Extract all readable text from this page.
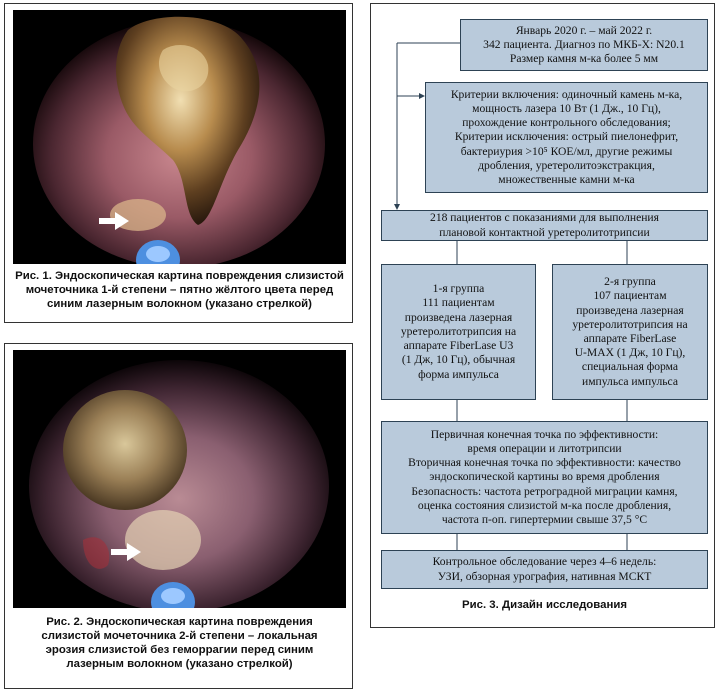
Рис. 1. Эндоскопическая картина повреждения слизистой
мочеточника 1-й степени – пятно жёлтого цвета перед
синим лазерным волокном (указано стрелкой)
Рис. 2. Эндоскопическая картина повреждения
слизистой мочеточника 2-й степени – локальная
эрозия слизистой без геморрагии перед синим
лазерным волокном (указано стрелкой)
Январь 2020 г. – май 2022 г.
342 пациента. Диагноз по МКБ-Х: N20.1
Размер камня м-ка более 5 мм
Критерии включения: одиночный камень м-ка,
мощность лазера 10 Вт (1 Дж., 10 Гц),
прохождение контрольного обследования;
Критерии исключения: острый пиелонефрит,
бактериурия >10⁵ КОЕ/мл, другие режимы
дробления, уретеролитоэкстракция,
множественные камни м-ка
218 пациентов с показаниями для выполнения
плановой контактной уретеролитотрипсии
1-я группа
111 пациентам
произведена лазерная
уретеролитотрипсия на
аппарате FiberLase U3
(1 Дж, 10 Гц), обычная
форма импульса
2-я группа
107 пациентам
произведена лазерная
уретеролитотрипсия на
аппарате FiberLase
U-MAX (1 Дж, 10 Гц),
специальная форма
импульса импульса
Первичная конечная точка по эффективности:
время операции и литотрипсии
Вторичная конечная точка по эффективности: качество
эндоскопической картины во время дробления
Безопасность: частота ретроградной миграции камня,
оценка состояния слизистой м-ка после дробления,
частота п-оп. гипертермии свыше 37,5 °С
Контрольное обследование через 4–6 недель:
УЗИ, обзорная урография, нативная МСКТ
Рис. 3. Дизайн исследования
